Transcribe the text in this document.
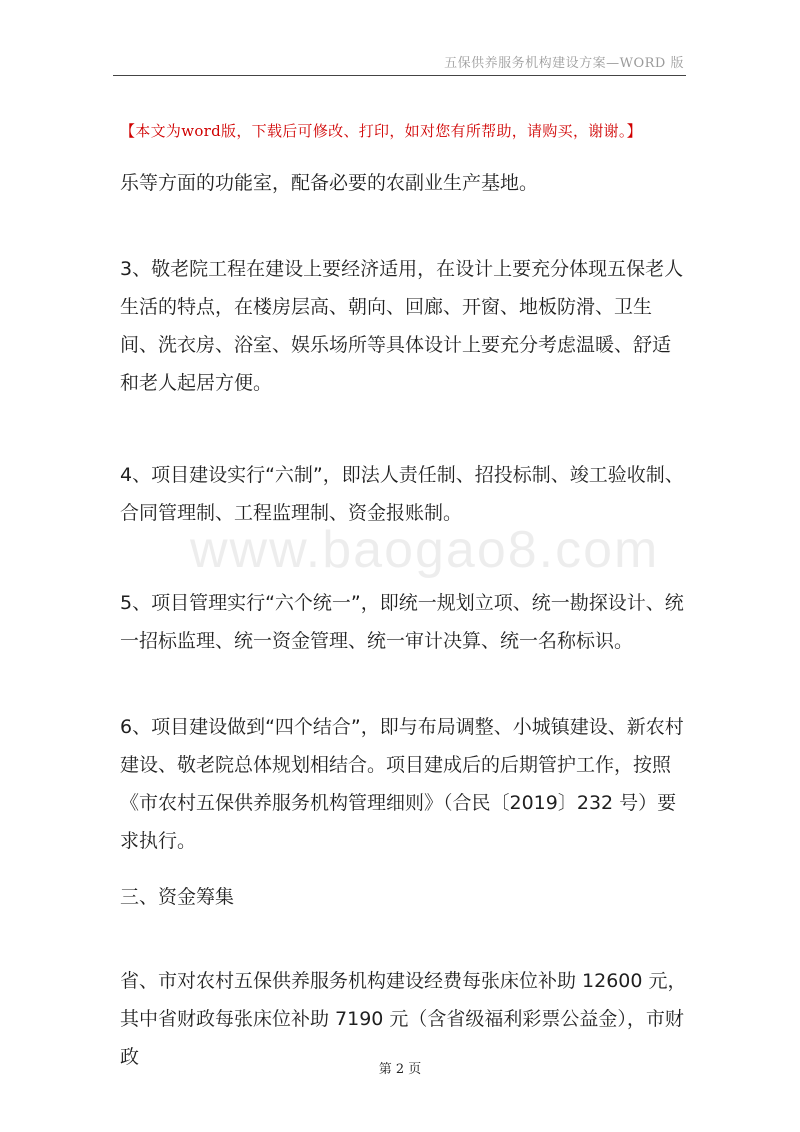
五保供养服务机构建设方案—WORD 版
【本文为word版，下载后可修改、打印，如对您有所帮助，请购买，谢谢。】
www.baogao8.com

乐等方面的功能室，配备必要的农副业生产基地。

3、敬老院工程在建设上要经济适用，在设计上要充分体现五保老人生活的特点，在楼房层高、朝向、回廊、开窗、地板防滑、卫生间、洗衣房、浴室、娱乐场所等具体设计上要充分考虑温暖、舒适和老人起居方便。

4、项目建设实行“六制”，即法人责任制、招投标制、竣工验收制、合同管理制、工程监理制、资金报账制。

5、项目管理实行“六个统一”，即统一规划立项、统一勘探设计、统一招标监理、统一资金管理、统一审计决算、统一名称标识。

6、项目建设做到“四个结合”，即与布局调整、小城镇建设、新农村建设、敬老院总体规划相结合。项目建成后的后期管护工作，按照《市农村五保供养服务机构管理细则》（合民〔2019〕232 号）要求执行。

三、资金筹集

省、市对农村五保供养服务机构建设经费每张床位补助 12600 元，其中省财政每张床位补助 7190 元（含省级福利彩票公益金），市财政

第 2 页
